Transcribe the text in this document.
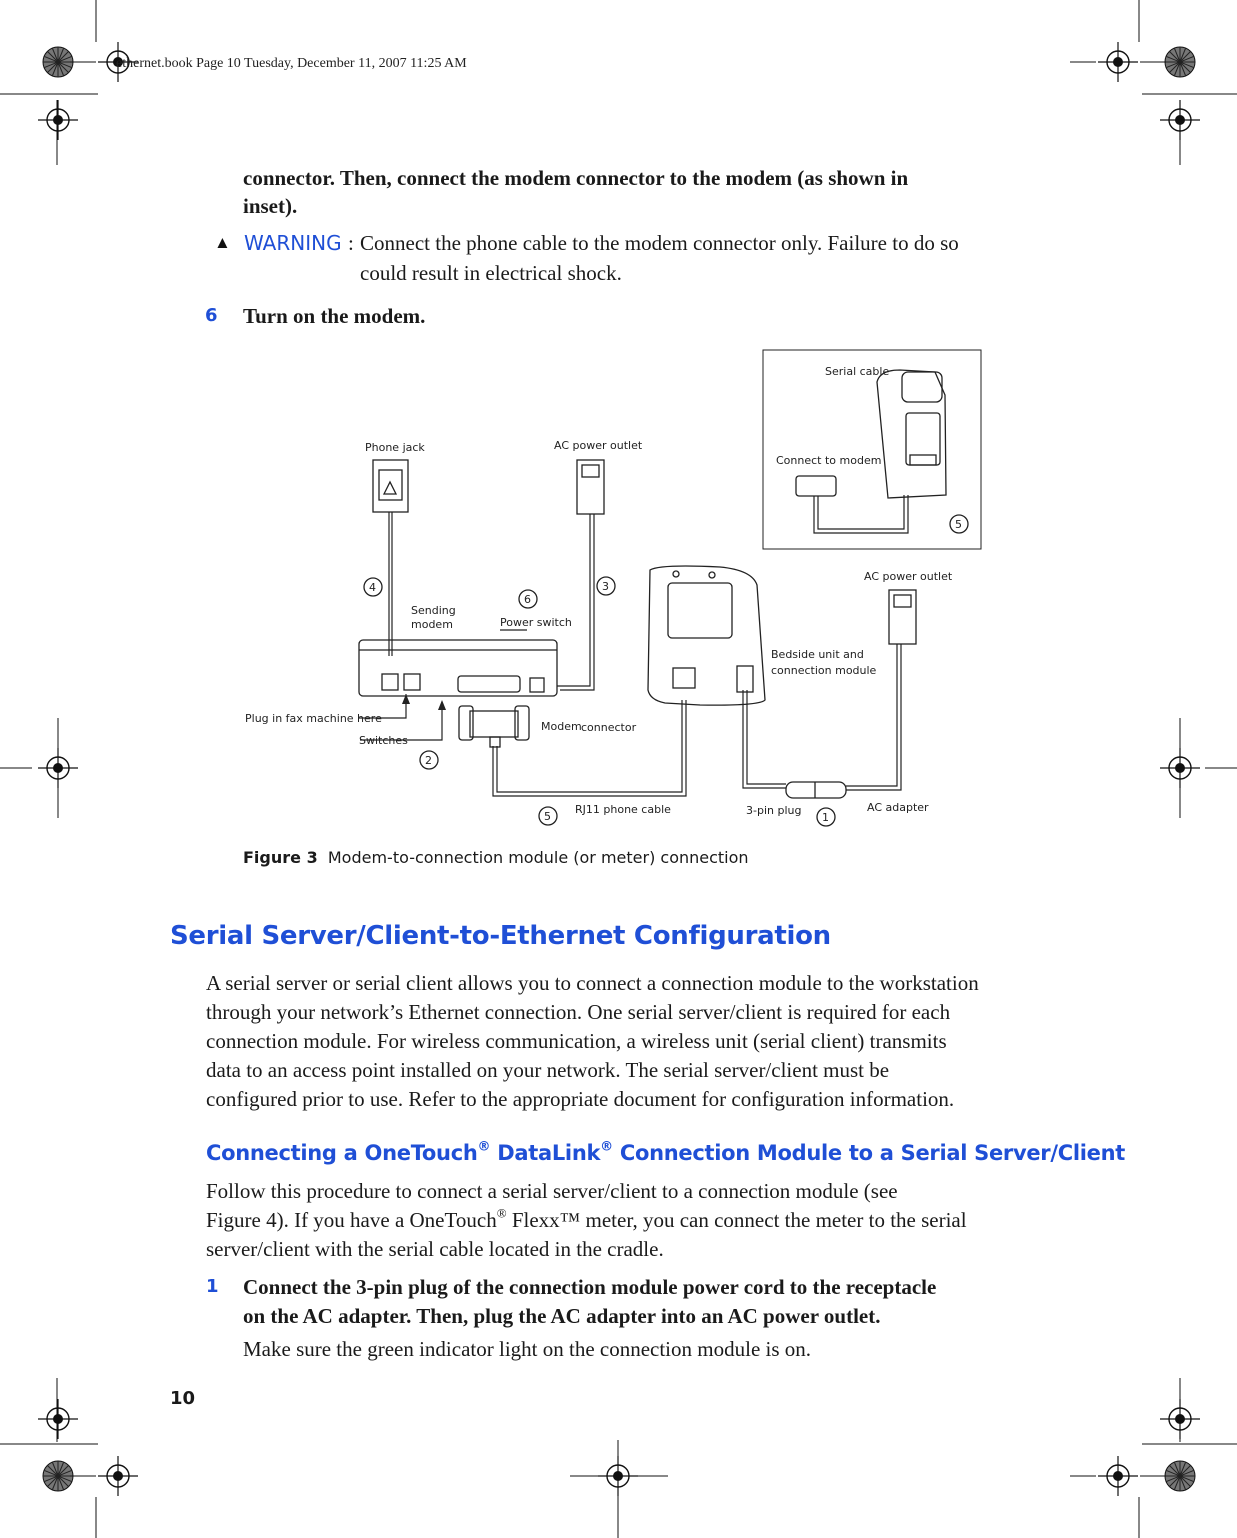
ethernet.book Page 10 Tuesday, December 11, 2007 11:25 AM
connector. Then, connect the modem connector to the modem (as shown in
inset).
▲ WARNING : Connect the phone cable to the modem connector only. Failure to do so
could result in electrical shock.
6 Turn on the modem.
Phone jack	AC power outlet
Serial cable
Connect to modem
AC power outlet
Sending
modem	Power switch
Bedside unit and
connection module
Plug in fax machine here
Switches
Modem connector
RJ11 phone cable	3-pin plug	AC adapter
4
2
3
6
5	1
5
Figure 3 Modem-to-connection module (or meter) connection
Serial Server/Client-to-Ethernet Configuration
A serial server or serial client allows you to connect a connection module to the workstation
through your network’s Ethernet connection. One serial server/client is required for each
connection module. For wireless communication, a wireless unit (serial client) transmits
data to an access point installed on your network. The serial server/client must be
configured prior to use. Refer to the appropriate document for configuration information.
Connecting a OneTouch® DataLink® Connection Module to a Serial Server/Client
Follow this procedure to connect a serial server/client to a connection module (see
Figure 4). If you have a OneTouch® Flexx™ meter, you can connect the meter to the serial
server/client with the serial cable located in the cradle.
1 Connect the 3-pin plug of the connection module power cord to the receptacle
on the AC adapter. Then, plug the AC adapter into an AC power outlet.
Make sure the green indicator light on the connection module is on.
10
